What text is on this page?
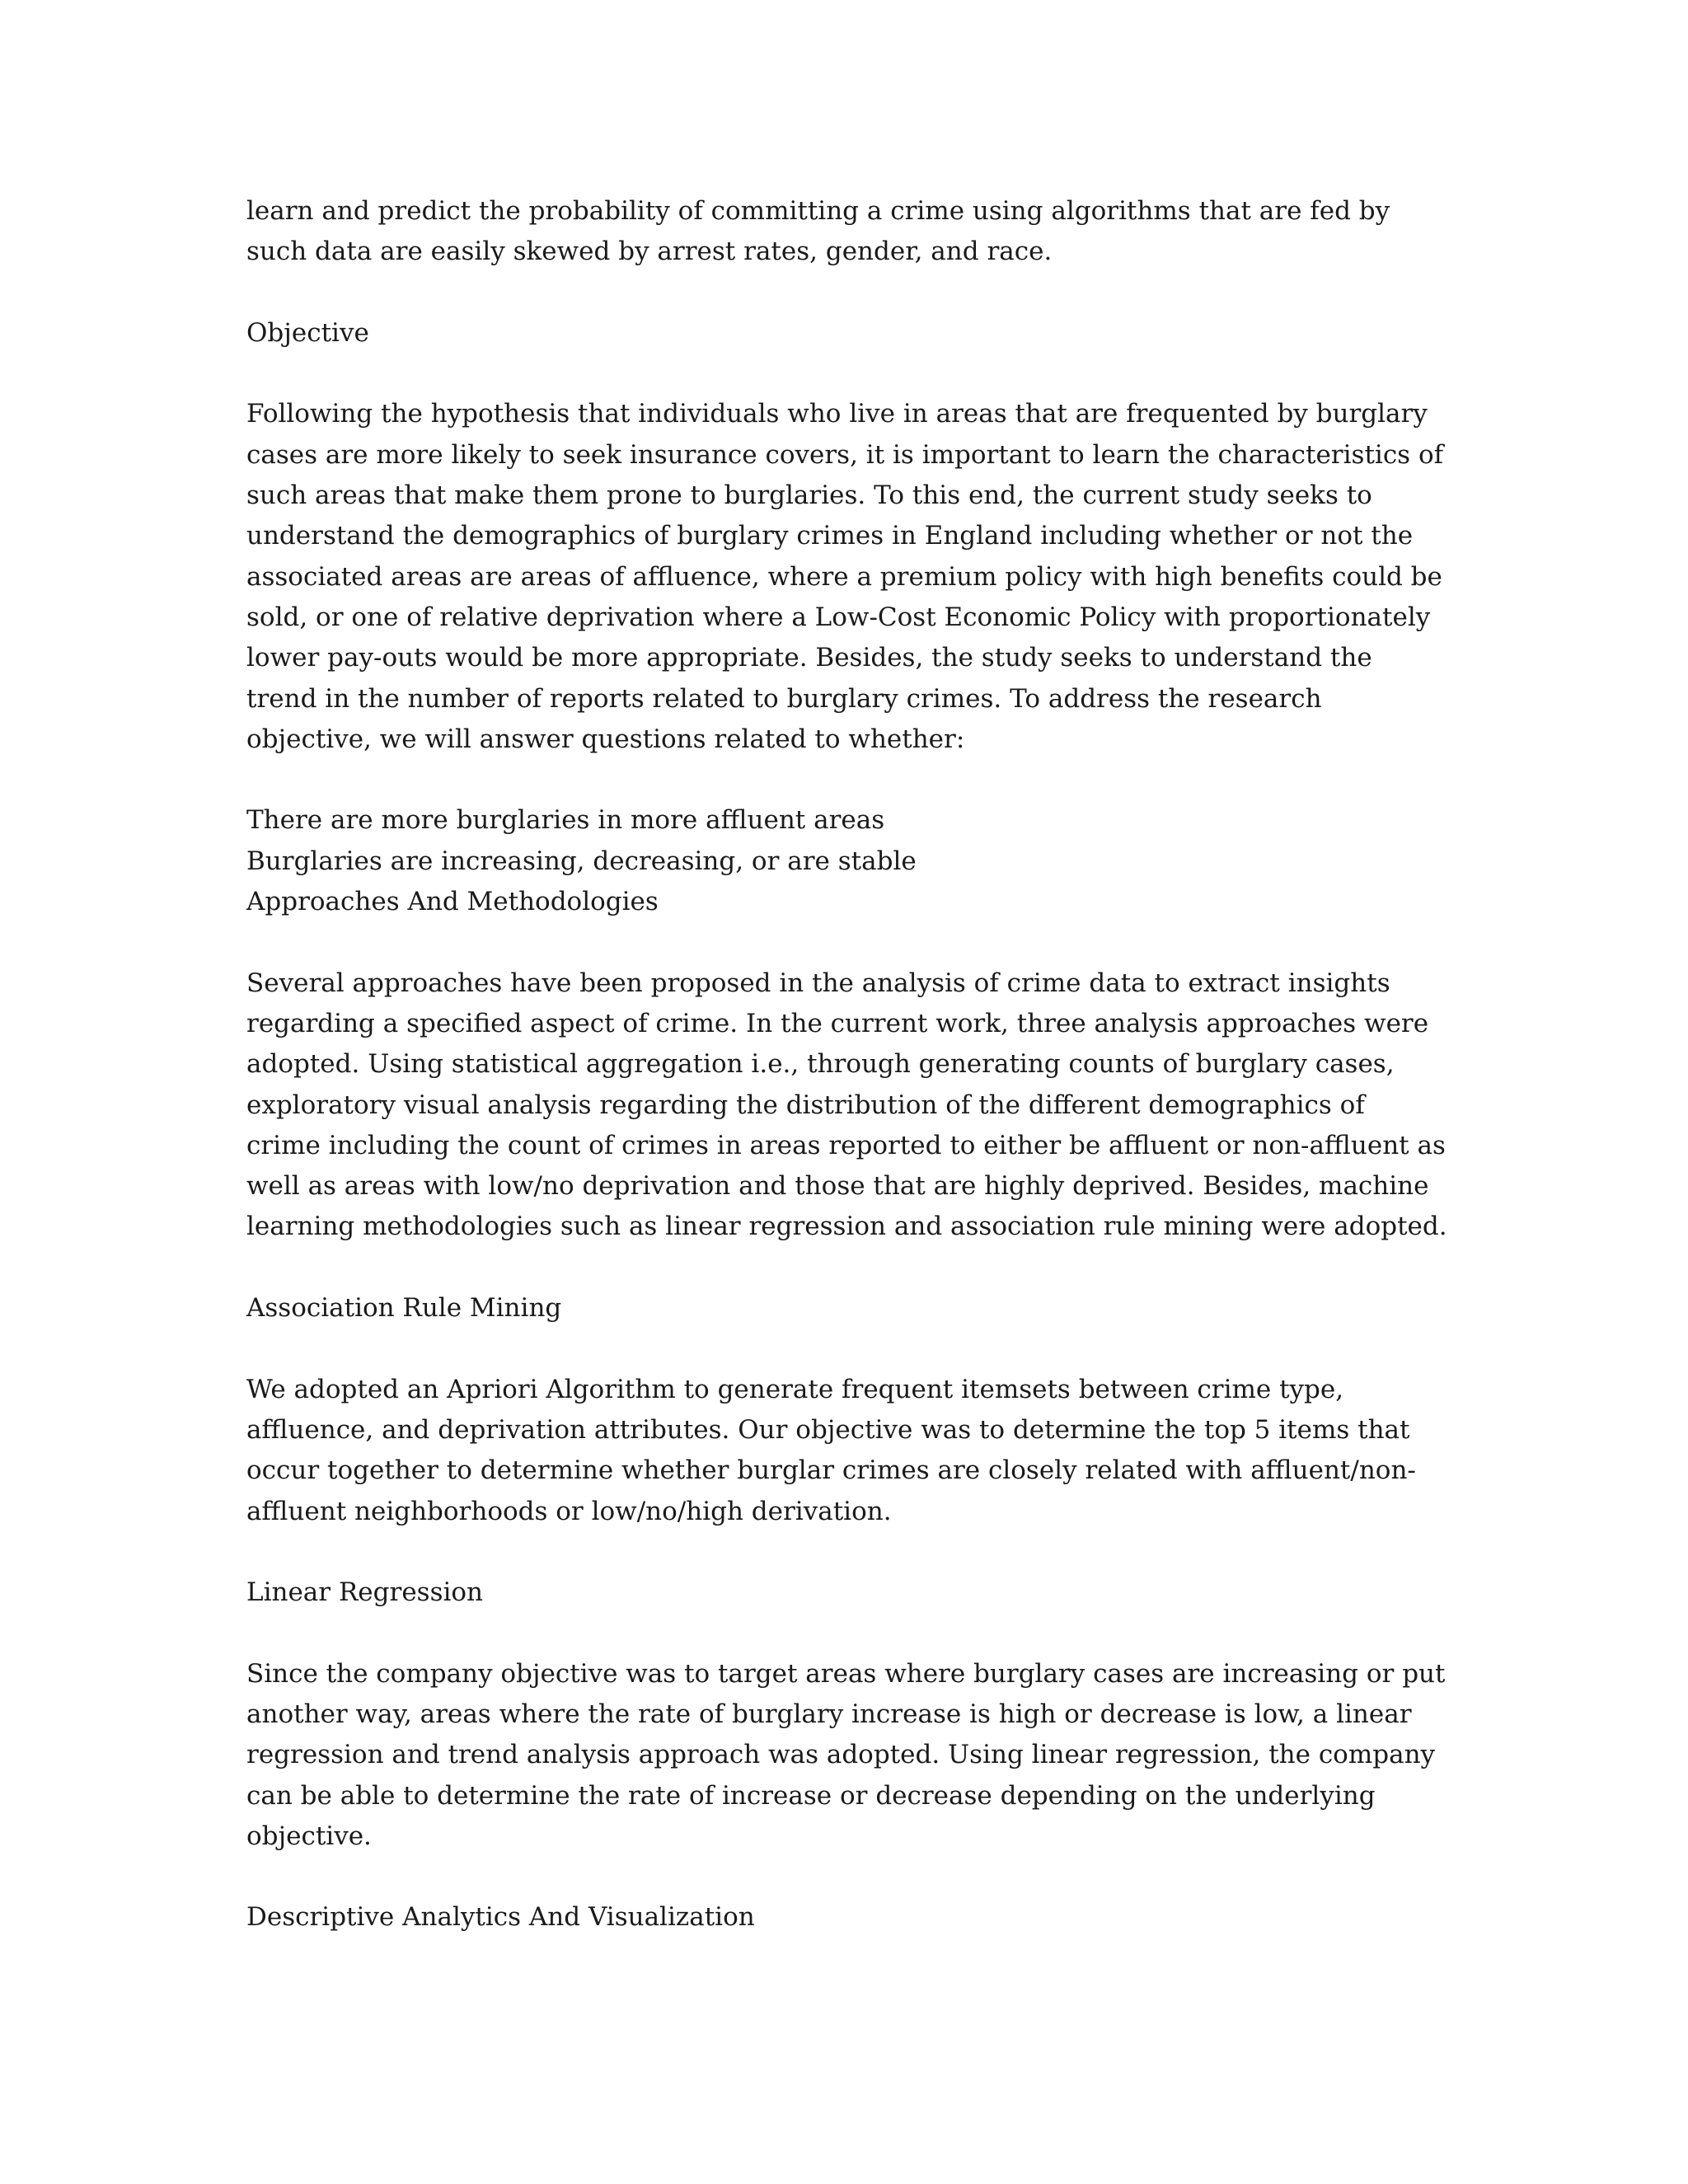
learn and predict the probability of committing a crime using algorithms that are fed by
such data are easily skewed by arrest rates, gender, and race.
Objective
Following the hypothesis that individuals who live in areas that are frequented by burglary
cases are more likely to seek insurance covers, it is important to learn the characteristics of
such areas that make them prone to burglaries. To this end, the current study seeks to
understand the demographics of burglary crimes in England including whether or not the
associated areas are areas of affluence, where a premium policy with high benefits could be
sold, or one of relative deprivation where a Low-Cost Economic Policy with proportionately
lower pay-outs would be more appropriate. Besides, the study seeks to understand the
trend in the number of reports related to burglary crimes. To address the research
objective, we will answer questions related to whether:
There are more burglaries in more affluent areas
Burglaries are increasing, decreasing, or are stable
Approaches And Methodologies
Several approaches have been proposed in the analysis of crime data to extract insights
regarding a specified aspect of crime. In the current work, three analysis approaches were
adopted. Using statistical aggregation i.e., through generating counts of burglary cases,
exploratory visual analysis regarding the distribution of the different demographics of
crime including the count of crimes in areas reported to either be affluent or non-affluent as
well as areas with low/no deprivation and those that are highly deprived. Besides, machine
learning methodologies such as linear regression and association rule mining were adopted.
Association Rule Mining
We adopted an Apriori Algorithm to generate frequent itemsets between crime type,
affluence, and deprivation attributes. Our objective was to determine the top 5 items that
occur together to determine whether burglar crimes are closely related with affluent/non-
affluent neighborhoods or low/no/high derivation.
Linear Regression
Since the company objective was to target areas where burglary cases are increasing or put
another way, areas where the rate of burglary increase is high or decrease is low, a linear
regression and trend analysis approach was adopted. Using linear regression, the company
can be able to determine the rate of increase or decrease depending on the underlying
objective.
Descriptive Analytics And Visualization
